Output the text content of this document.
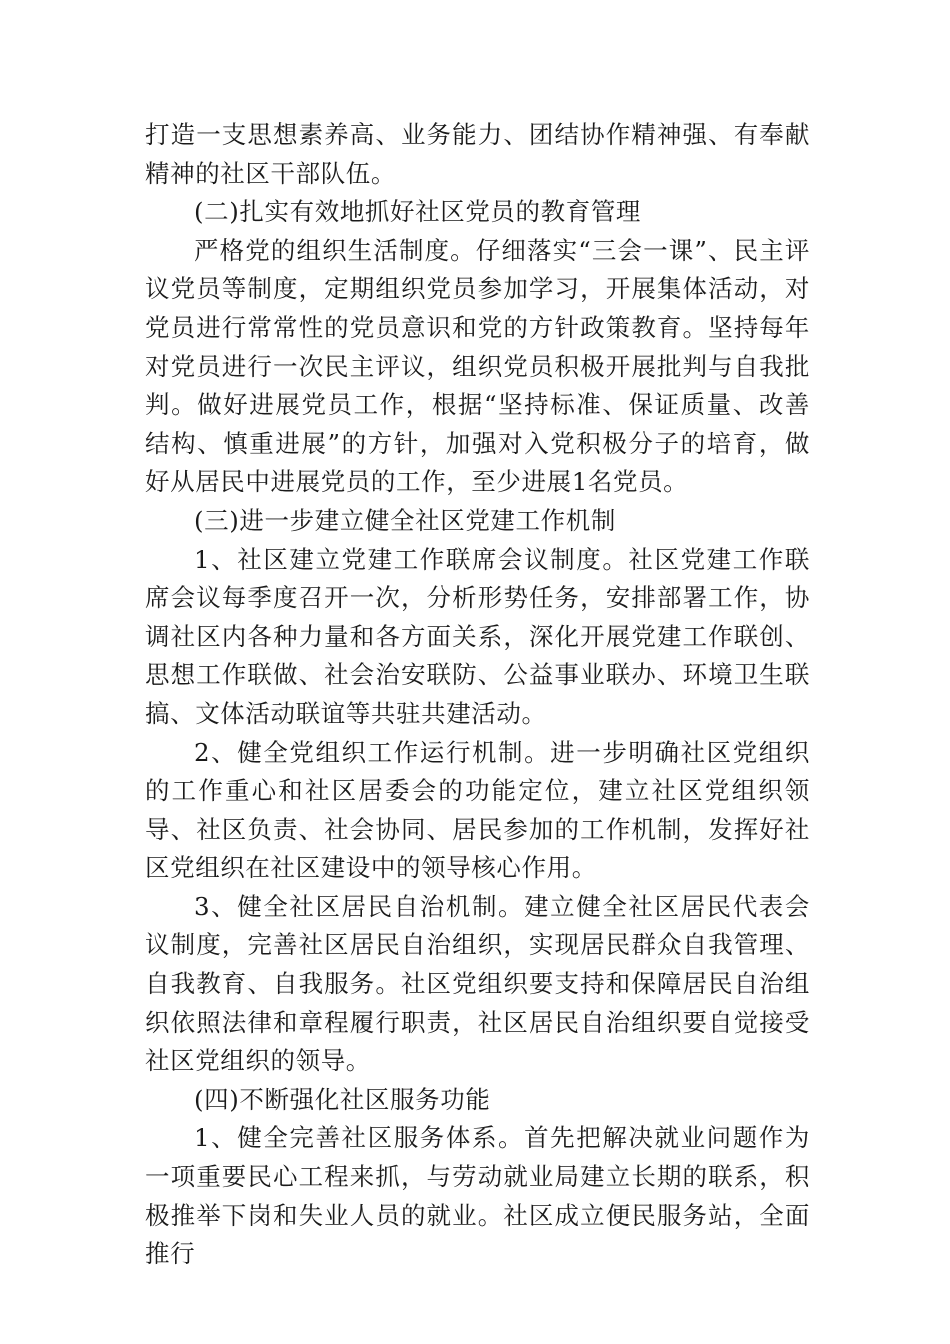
打造一支思想素养高、业务能力、团结协作精神强、有奉献精神的社区干部队伍。

(二)扎实有效地抓好社区党员的教育管理

严格党的组织生活制度。仔细落实“三会一课”、民主评议党员等制度，定期组织党员参加学习，开展集体活动，对党员进行常常性的党员意识和党的方针政策教育。坚持每年对党员进行一次民主评议，组织党员积极开展批判与自我批判。做好进展党员工作，根据“坚持标准、保证质量、改善结构、慎重进展”的方针，加强对入党积极分子的培育，做好从居民中进展党员的工作，至少进展1名党员。

(三)进一步建立健全社区党建工作机制

1、社区建立党建工作联席会议制度。社区党建工作联席会议每季度召开一次，分析形势任务，安排部署工作，协调社区内各种力量和各方面关系，深化开展党建工作联创、思想工作联做、社会治安联防、公益事业联办、环境卫生联搞、文体活动联谊等共驻共建活动。

2、健全党组织工作运行机制。进一步明确社区党组织的工作重心和社区居委会的功能定位，建立社区党组织领导、社区负责、社会协同、居民参加的工作机制，发挥好社区党组织在社区建设中的领导核心作用。

3、健全社区居民自治机制。建立健全社区居民代表会议制度，完善社区居民自治组织，实现居民群众自我管理、自我教育、自我服务。社区党组织要支持和保障居民自治组织依照法律和章程履行职责，社区居民自治组织要自觉接受社区党组织的领导。

(四)不断强化社区服务功能

1、健全完善社区服务体系。首先把解决就业问题作为一项重要民心工程来抓，与劳动就业局建立长期的联系，积极推举下岗和失业人员的就业。社区成立便民服务站，全面推行
